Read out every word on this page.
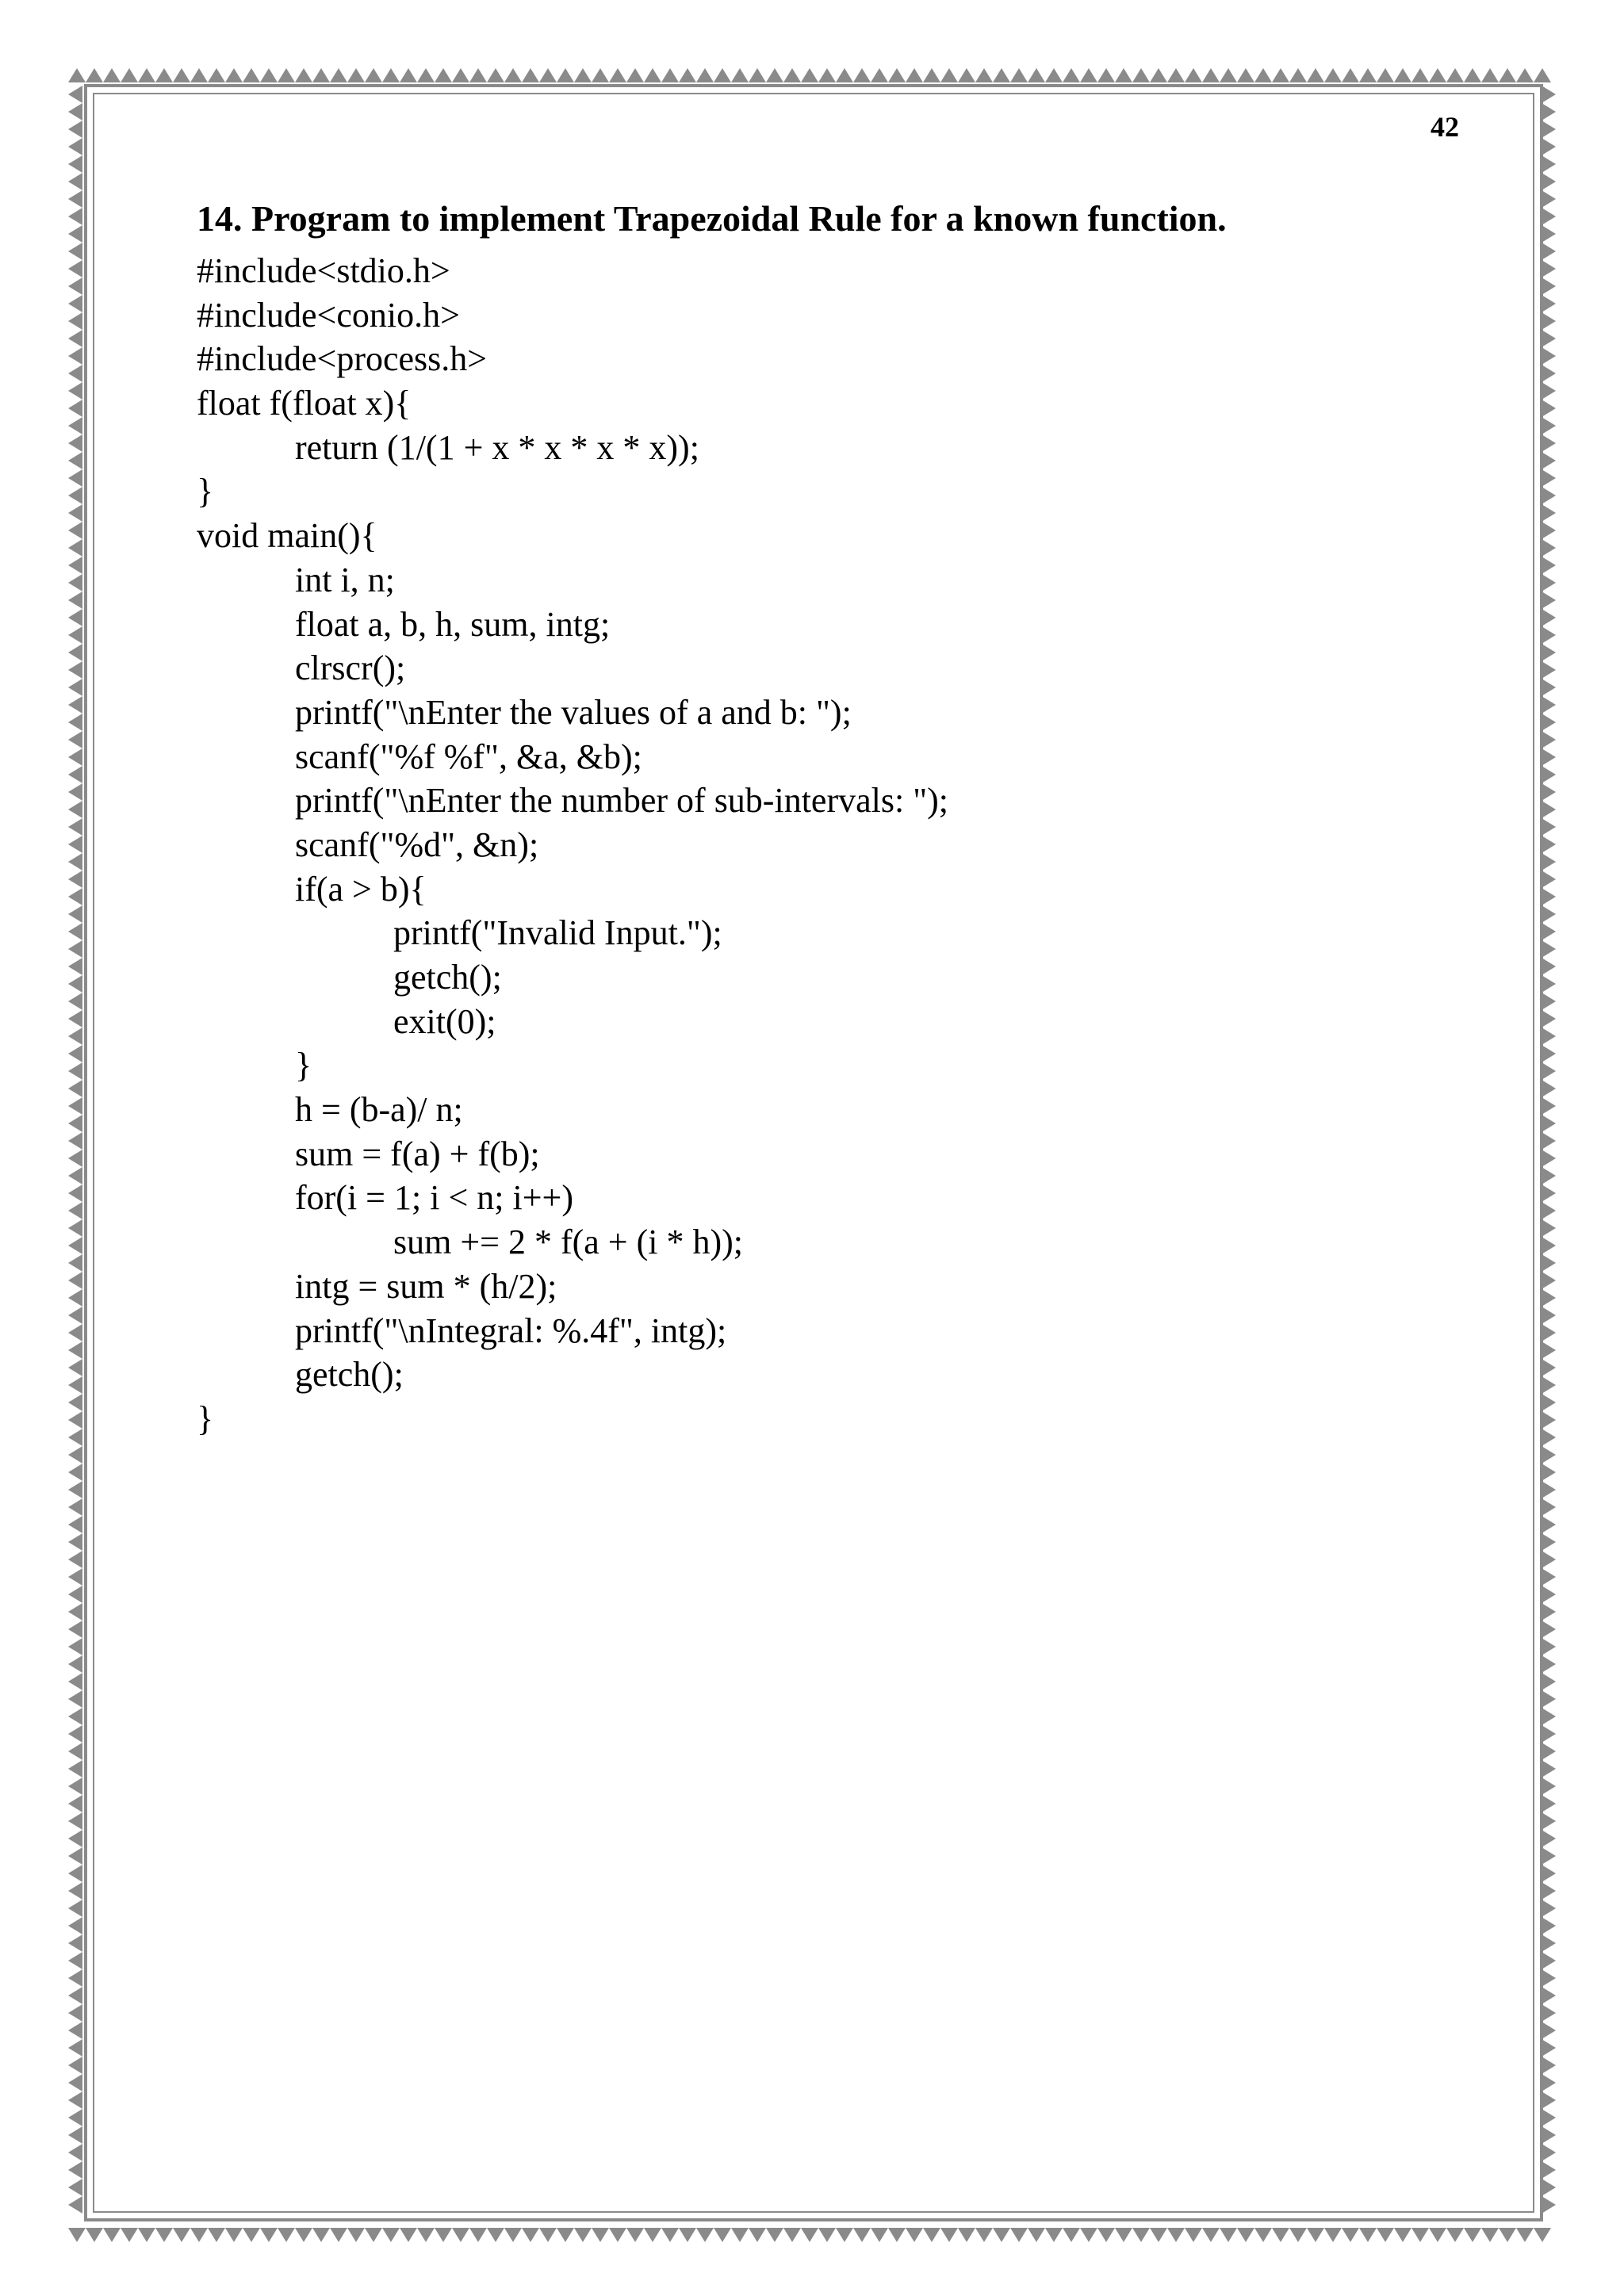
42
14. Program to implement Trapezoidal Rule for a known function.
#include<stdio.h>
#include<conio.h>
#include<process.h>
float f(float x){
return (1/(1 + x * x * x * x));
}
void main(){
int i, n;
float a, b, h, sum, intg;
clrscr();
printf("\nEnter the values of a and b: ");
scanf("%f %f", &a, &b);
printf("\nEnter the number of sub-intervals: ");
scanf("%d", &n);
if(a > b){
printf("Invalid Input.");
getch();
exit(0);
}
h = (b-a)/ n;
sum = f(a) + f(b);
for(i = 1; i < n; i++)
sum += 2 * f(a + (i * h));
intg = sum * (h/2);
printf("\nIntegral: %.4f", intg);
getch();
}
